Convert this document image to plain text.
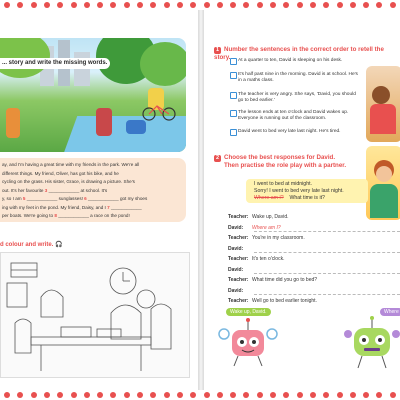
... story and write the missing words.

ay, and I'm having a great time with my friends in the park. We're all

different things. My friend, Oliver, has got his bike, and he

cycling on the grass. His sister, Grace, is drawing a picture. She's

out. It's her favourite 3 ____________ at school. It's

y, so I am 5 ____________ sunglasses! 6 ____________ got my shoes

ing with my feet in the pond. My friend, Daisy, and I 7 ____________

per boats. We're going to 8 ____________ a race on the pond!

d colour and write. 🎧
1 Number the sentences in the correct order to retell the story.	At a quarter to ten, David is sleeping on his desk.
It's half past nine in the morning. David is at school. He's in a maths class.
The teacher is very angry. She says, 'David, you should go to bed earlier.'
The lesson ends at ten o'clock and David wakes up. Everyone is running out of the classroom.
David went to bed very late last night. He's tired.
2 Choose the best responses for David.
Then practise the role play with a partner.
I went to bed at midnight.
Sorry! I went to bed very late last night.
Where am I? What time is it?
Teacher: Wake up, David.
David: Where am I?
Teacher: You're in my classroom.
David:
Teacher: It's ten o'clock.
David:
Teacher: What time did you go to bed?
David:
Teacher: Well go to bed earlier tonight.
Wake up, David.	Where
